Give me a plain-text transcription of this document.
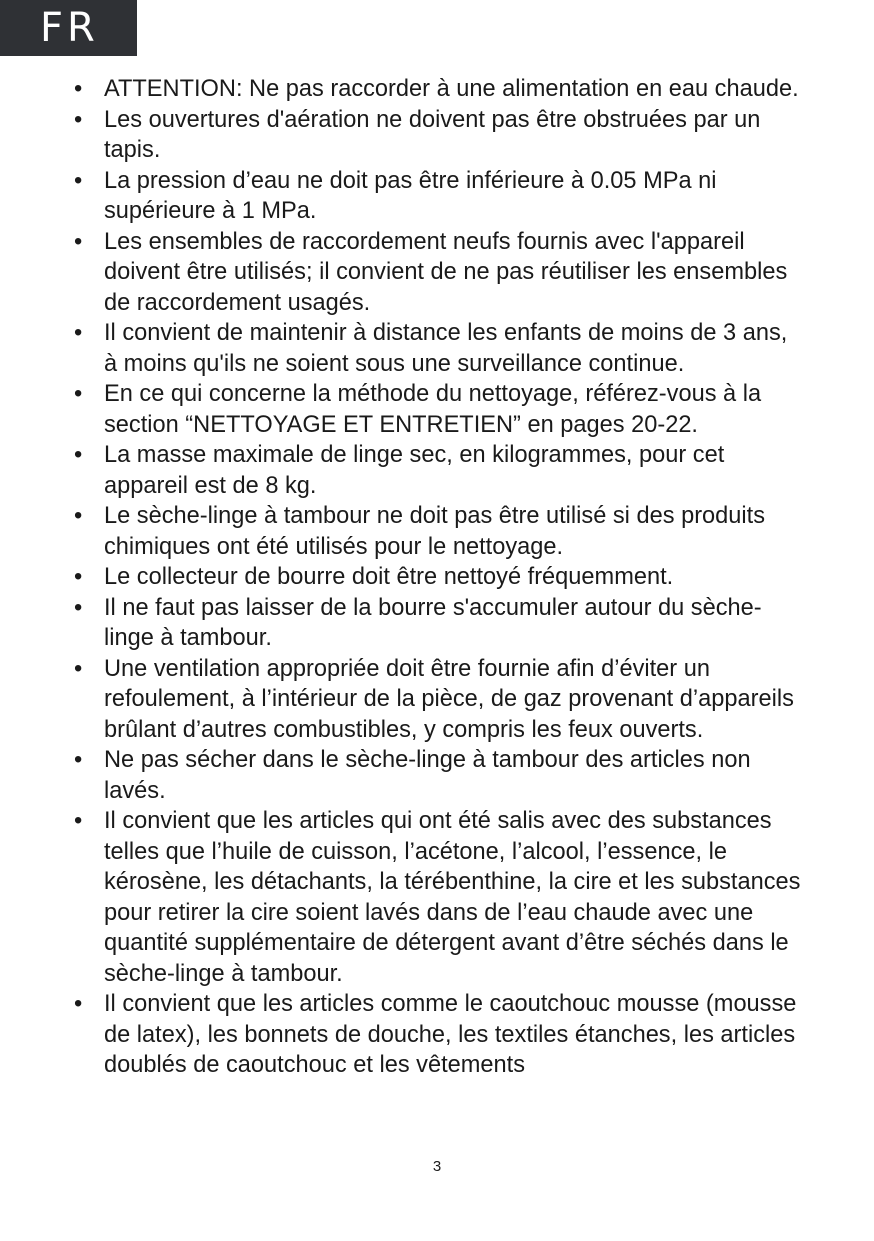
FR
• ATTENTION: Ne pas raccorder à une alimentation en eau chaude.
• Les ouvertures d'aération ne doivent pas être obstruées par un tapis.
• La pression d’eau ne doit pas être inférieure à 0.05 MPa ni supérieure à 1 MPa.
• Les ensembles de raccordement neufs fournis avec l'appareil doivent être utilisés; il convient de ne pas réutiliser les ensembles de raccordement usagés.
• Il convient de maintenir à distance les enfants de moins de 3 ans, à moins qu'ils ne soient sous une surveillance continue.
• En ce qui concerne la méthode du nettoyage, référez-vous à la section “NETTOYAGE ET ENTRETIEN” en pages 20-22.
• La masse maximale de linge sec, en kilogrammes, pour cet appareil est de 8 kg.
• Le sèche-linge à tambour ne doit pas être utilisé si des produits chimiques ont été utilisés pour le nettoyage.
• Le collecteur de bourre doit être nettoyé fréquemment.
• Il ne faut pas laisser de la bourre s'accumuler autour du sèche-linge à tambour.
• Une ventilation appropriée doit être fournie afin d’éviter un refoulement, à l’intérieur de la pièce, de gaz provenant d’appareils brûlant d’autres combustibles, y compris les feux ouverts.
• Ne pas sécher dans le sèche-linge à tambour des articles non lavés.
• Il convient que les articles qui ont été salis avec des substances telles que l’huile de cuisson, l’acétone, l’alcool, l’essence, le kérosène, les détachants, la térébenthine, la cire et les substances pour retirer la cire soient lavés dans de l’eau chaude avec une quantité supplémentaire de détergent avant d’être séchés dans le sèche-linge à tambour.
• Il convient que les articles comme le caoutchouc mousse (mousse de latex), les bonnets de douche, les textiles étanches, les articles doublés de caoutchouc et les vêtements
3
